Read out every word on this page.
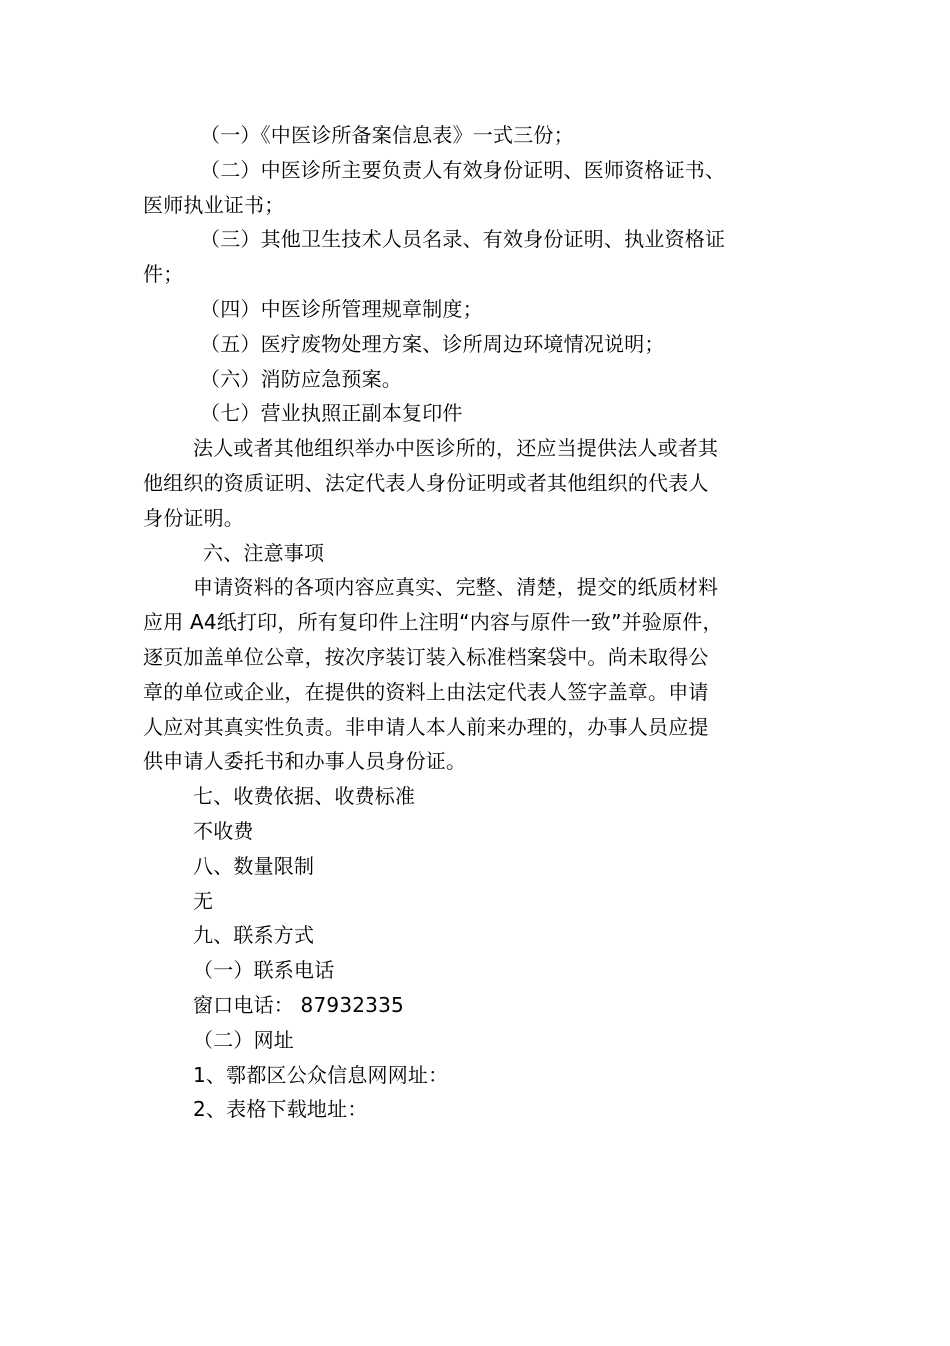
（一）《中医诊所备案信息表》一式三份；
（二）中医诊所主要负责人有效身份证明、医师资格证书、
医师执业证书；
（三）其他卫生技术人员名录、有效身份证明、执业资格证
件；
（四）中医诊所管理规章制度；
（五）医疗废物处理方案、诊所周边环境情况说明；
（六）消防应急预案。
（七）营业执照正副本复印件
法人或者其他组织举办中医诊所的，还应当提供法人或者其
他组织的资质证明、法定代表人身份证明或者其他组织的代表人
身份证明。
六、注意事项
申请资料的各项内容应真实、完整、清楚，提交的纸质材料
应用 A4纸打印，所有复印件上注明“内容与原件一致”并验原件，
逐页加盖单位公章，按次序装订装入标准档案袋中。尚未取得公
章的单位或企业，在提供的资料上由法定代表人签字盖章。申请
人应对其真实性负责。非申请人本人前来办理的，办事人员应提
供申请人委托书和办事人员身份证。
七、收费依据、收费标准
不收费
八、数量限制
无
九、联系方式
（一）联系电话
窗口电话： 87932335
（二）网址
1、鄠都区公众信息网网址：
2、表格下载地址：
